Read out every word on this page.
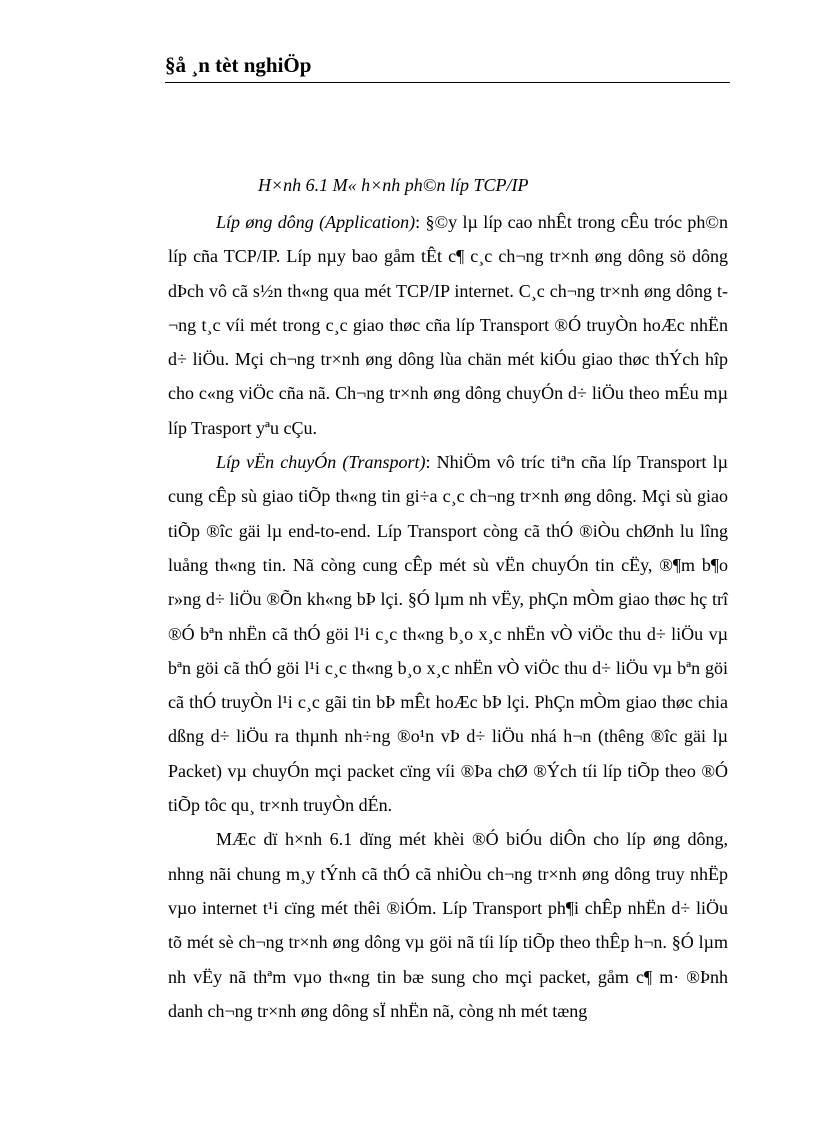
§å ¸n tèt nghiÖp

H×nh 6.1 M« h×nh ph©n líp TCP/IP

Líp øng dông (Application): §©y lµ líp cao nhÊt trong cÊu tróc ph©n líp cña TCP/IP. Líp nµy bao gåm tÊt c¶ c¸c ch¬ng tr×nh øng dông sö dông dÞch vô cã s½n th«ng qua mét TCP/IP internet. C¸c ch¬ng tr×nh øng dông t¬ng t¸c víi mét trong c¸c giao thøc cña líp Transport ®Ó truyÒn hoÆc nhËn d÷ liÖu. Mçi ch¬ng tr×nh øng dông lùa chän mét kiÓu giao thøc thÝch hîp cho c«ng viÖc cña nã. Ch¬ng tr×nh øng dông chuyÓn d÷ liÖu theo mÉu mµ líp Trasport yªu cÇu.

Líp vËn chuyÓn (Transport): NhiÖm vô tríc tiªn cña líp Transport lµ cung cÊp sù giao tiÕp th«ng tin gi÷a c¸c ch¬ng tr×nh øng dông. Mçi sù giao tiÕp ®îc gäi lµ end-to-end. Líp Transport còng cã thÓ ®iÒu chØnh lu lîng luång th«ng tin. Nã còng cung cÊp mét sù vËn chuyÓn tin cËy, ®¶m b¶o r»ng d÷ liÖu ®Õn kh«ng bÞ lçi. §Ó lµm nh vËy, phÇn mÒm giao thøc hç trî ®Ó bªn nhËn cã thÓ göi l¹i c¸c th«ng b¸o x¸c nhËn vÒ viÖc thu d÷ liÖu vµ bªn göi cã thÓ göi l¹i c¸c th«ng b¸o x¸c nhËn vÒ viÖc thu d÷ liÖu vµ bªn göi cã thÓ truyÒn l¹i c¸c gãi tin bÞ mÊt hoÆc bÞ lçi. PhÇn mÒm giao thøc chia dßng d÷ liÖu ra thµnh nh÷ng ®o¹n vÞ d÷ liÖu nhá h¬n (thêng ®îc gäi lµ Packet) vµ chuyÓn mçi packet cïng víi ®Þa chØ ®Ých tíi líp tiÕp theo ®Ó tiÕp tôc qu¸ tr×nh truyÒn dÉn.

MÆc dï h×nh 6.1 dïng mét khèi ®Ó biÓu diÔn cho líp øng dông, nhng nãi chung m¸y tÝnh cã thÓ cã nhiÒu ch¬ng tr×nh øng dông truy nhËp vµo internet t¹i cïng mét thêi ®iÓm. Líp Transport ph¶i chÊp nhËn d÷ liÖu tõ mét sè ch¬ng tr×nh øng dông vµ göi nã tíi líp tiÕp theo thÊp h¬n. §Ó lµm nh vËy nã thªm vµo th«ng tin bæ sung cho mçi packet, gåm c¶ m· ®Þnh danh ch¬ng tr×nh øng dông sÏ nhËn nã, còng nh mét tæng
